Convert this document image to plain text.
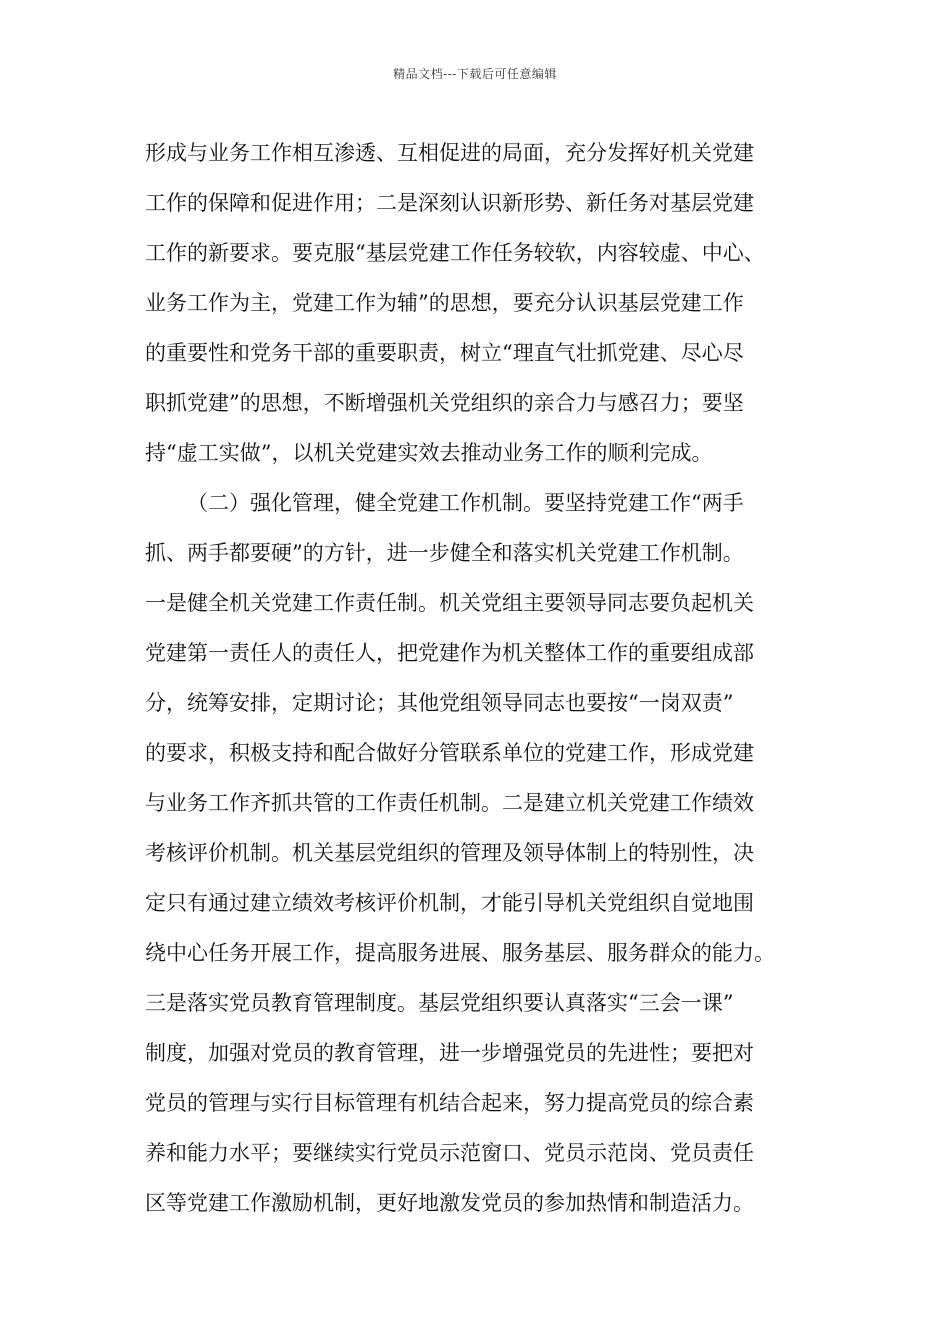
精品文档---下载后可任意编辑
形成与业务工作相互渗透、互相促进的局面，充分发挥好机关党建
工作的保障和促进作用；二是深刻认识新形势、新任务对基层党建
工作的新要求。要克服“基层党建工作任务较软，内容较虚、中心、
业务工作为主，党建工作为辅”的思想，要充分认识基层党建工作
的重要性和党务干部的重要职责，树立“理直气壮抓党建、尽心尽
职抓党建”的思想，不断增强机关党组织的亲合力与感召力；要坚
持“虚工实做”，以机关党建实效去推动业务工作的顺利完成。
（二）强化管理，健全党建工作机制。要坚持党建工作“两手
抓、两手都要硬”的方针，进一步健全和落实机关党建工作机制。
一是健全机关党建工作责任制。机关党组主要领导同志要负起机关
党建第一责任人的责任人，把党建作为机关整体工作的重要组成部
分，统筹安排，定期讨论；其他党组领导同志也要按“一岗双责”
的要求，积极支持和配合做好分管联系单位的党建工作，形成党建
与业务工作齐抓共管的工作责任机制。二是建立机关党建工作绩效
考核评价机制。机关基层党组织的管理及领导体制上的特别性，决
定只有通过建立绩效考核评价机制，才能引导机关党组织自觉地围
绕中心任务开展工作，提高服务进展、服务基层、服务群众的能力。
三是落实党员教育管理制度。基层党组织要认真落实“三会一课”
制度，加强对党员的教育管理，进一步增强党员的先进性；要把对
党员的管理与实行目标管理有机结合起来，努力提高党员的综合素
养和能力水平；要继续实行党员示范窗口、党员示范岗、党员责任
区等党建工作激励机制，更好地激发党员的参加热情和制造活力。
